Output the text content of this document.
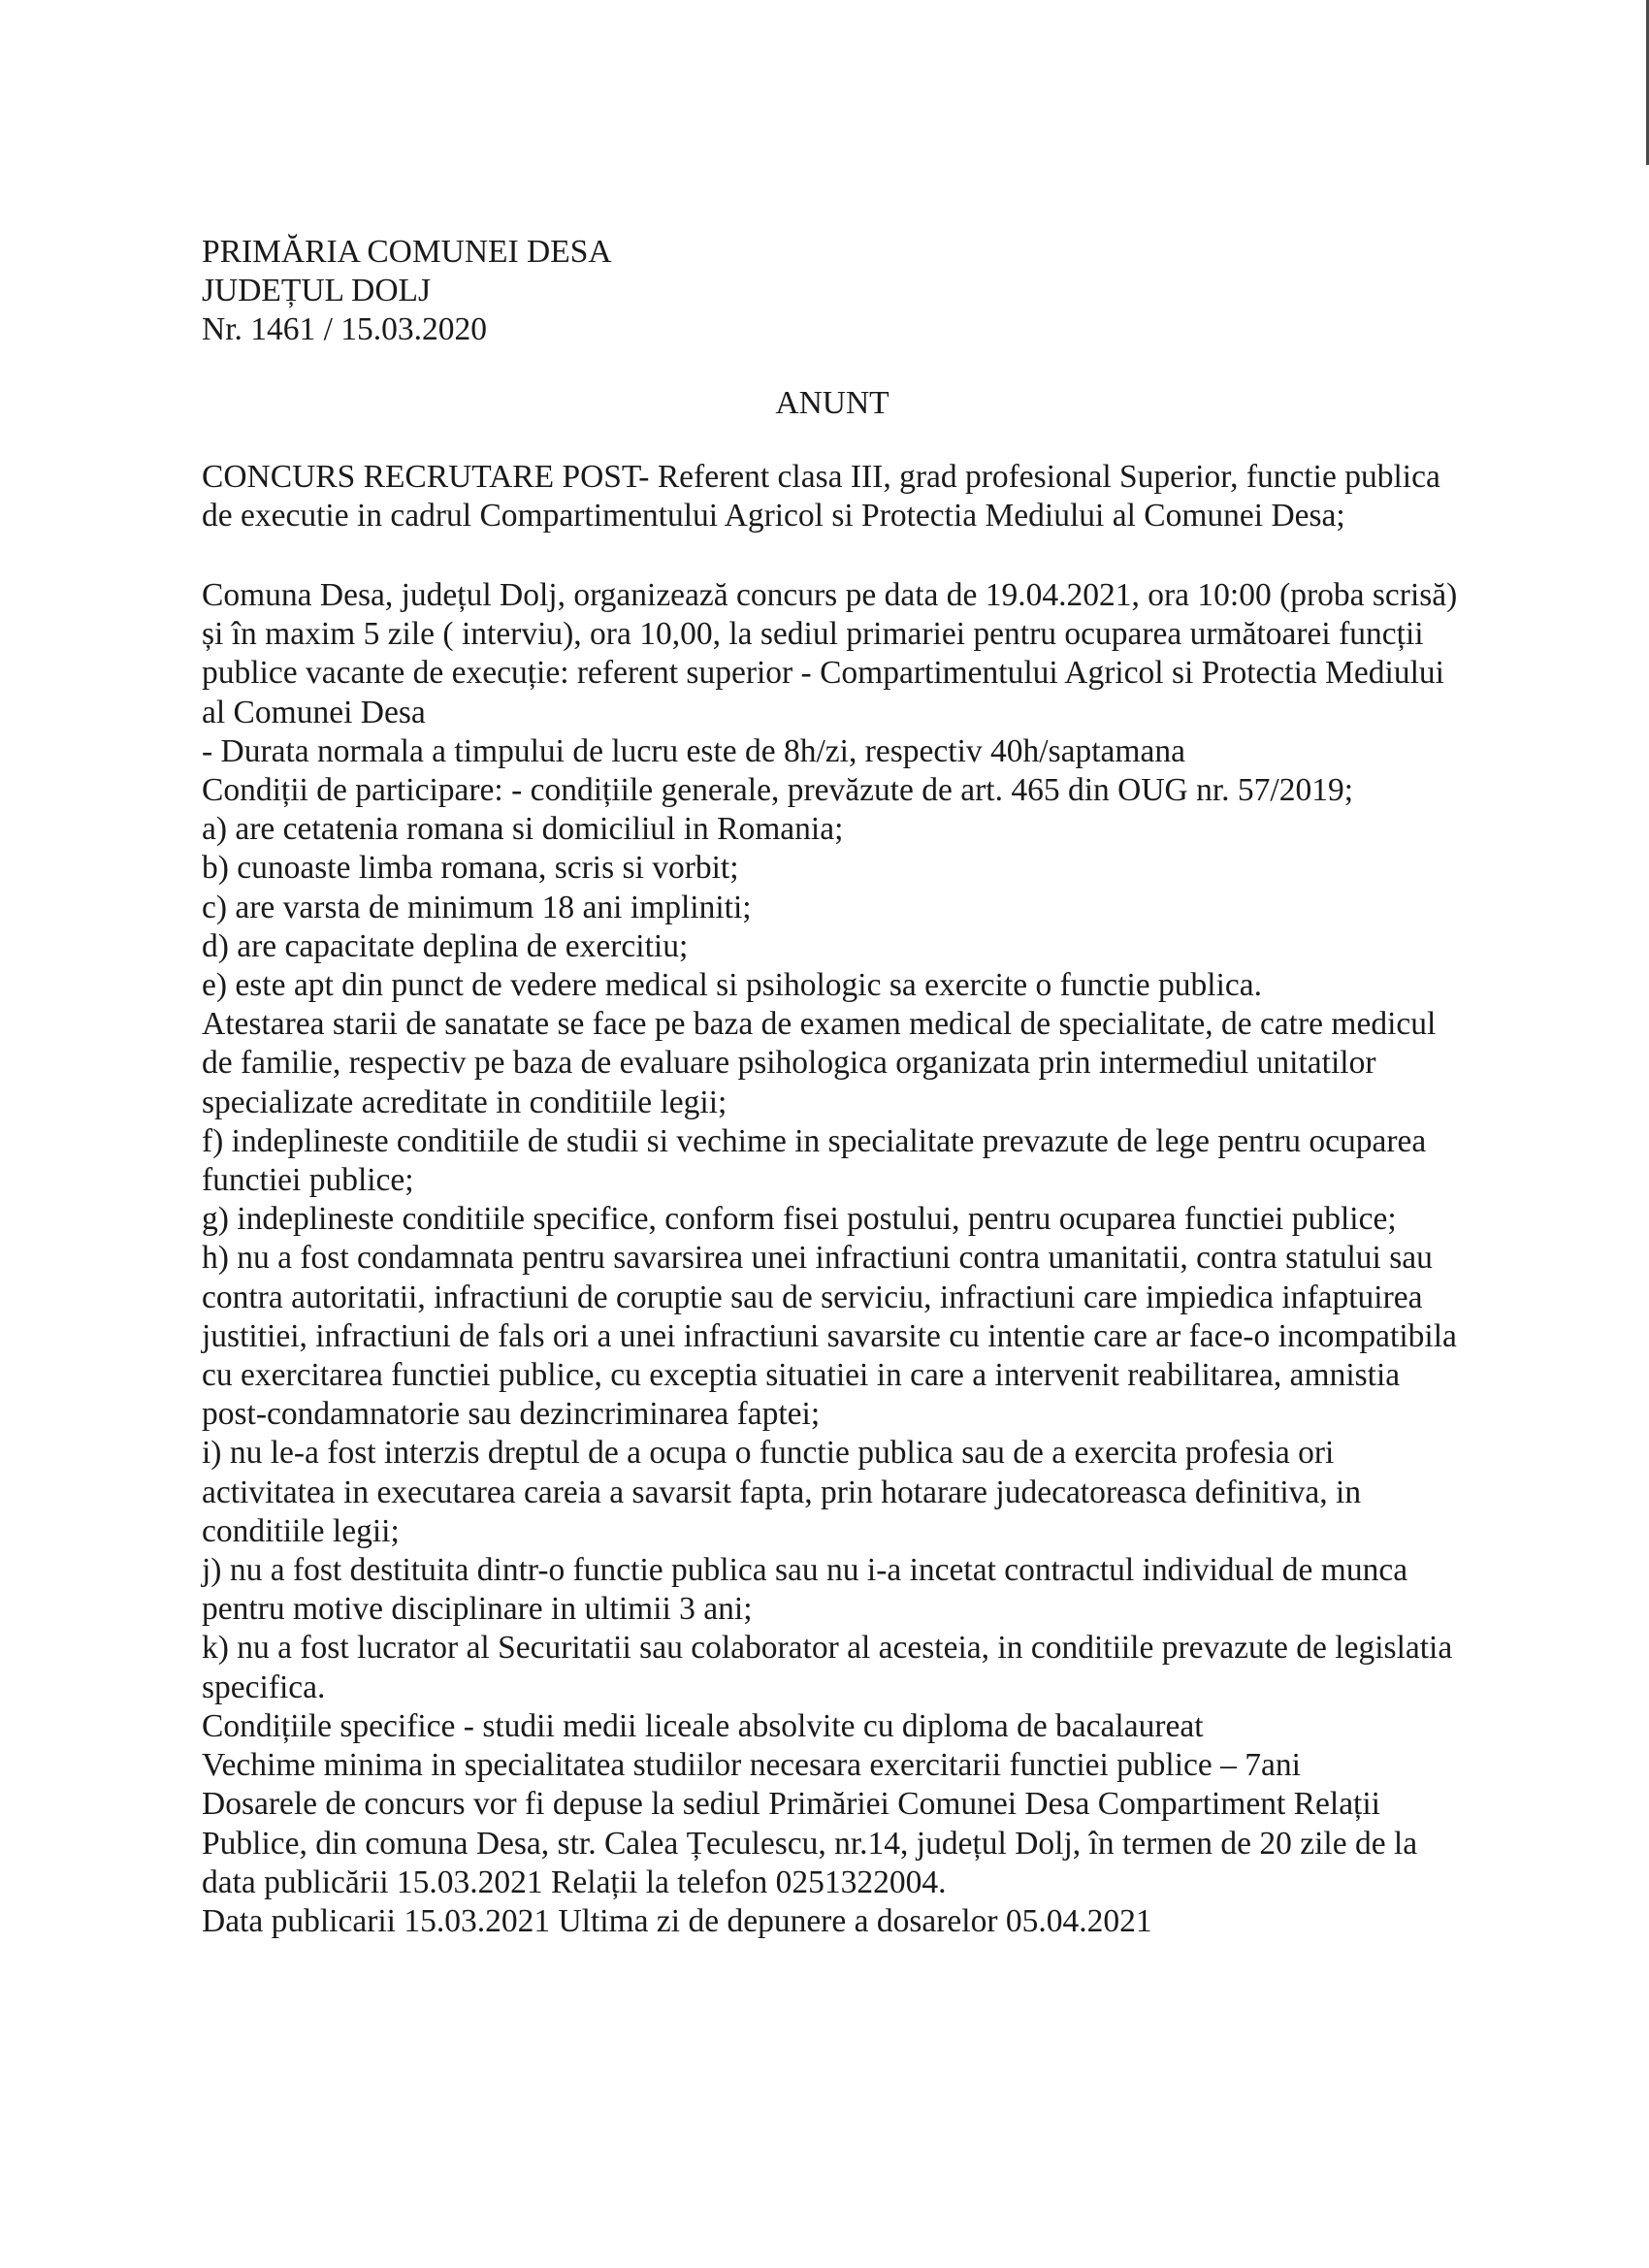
PRIMĂRIA COMUNEI DESA

JUDEȚUL DOLJ

Nr. 1461 / 15.03.2020

ANUNT

CONCURS RECRUTARE POST- Referent clasa III, grad profesional Superior, functie publica de executie in cadrul Compartimentului Agricol si Protectia Mediului al Comunei Desa;

Comuna Desa, județul Dolj, organizează concurs pe data de 19.04.2021, ora 10:00 (proba scrisă) și în maxim 5 zile ( interviu), ora 10,00, la sediul primariei pentru ocuparea următoarei funcții publice vacante de execuție: referent superior - Compartimentului Agricol si Protectia Mediului al Comunei Desa

- Durata normala a timpului de lucru este de 8h/zi, respectiv 40h/saptamana

Condiții de participare: - condițiile generale, prevăzute de art. 465 din OUG nr. 57/2019;

a) are cetatenia romana si domiciliul in Romania;

b) cunoaste limba romana, scris si vorbit;

c) are varsta de minimum 18 ani impliniti;

d) are capacitate deplina de exercitiu;

e) este apt din punct de vedere medical si psihologic sa exercite o functie publica.

Atestarea starii de sanatate se face pe baza de examen medical de specialitate, de catre medicul de familie, respectiv pe baza de evaluare psihologica organizata prin intermediul unitatilor specializate acreditate in conditiile legii;

f) indeplineste conditiile de studii si vechime in specialitate prevazute de lege pentru ocuparea functiei publice;

g) indeplineste conditiile specifice, conform fisei postului, pentru ocuparea functiei publice;

h) nu a fost condamnata pentru savarsirea unei infractiuni contra umanitatii, contra statului sau contra autoritatii, infractiuni de coruptie sau de serviciu, infractiuni care impiedica infaptuirea justitiei, infractiuni de fals ori a unei infractiuni savarsite cu intentie care ar face-o incompatibila cu exercitarea functiei publice, cu exceptia situatiei in care a intervenit reabilitarea, amnistia post-condamnatorie sau dezincriminarea faptei;

i) nu le-a fost interzis dreptul de a ocupa o functie publica sau de a exercita profesia ori activitatea in executarea careia a savarsit fapta, prin hotarare judecatoreasca definitiva, in conditiile legii;

j) nu a fost destituita dintr-o functie publica sau nu i-a incetat contractul individual de munca pentru motive disciplinare in ultimii 3 ani;

k) nu a fost lucrator al Securitatii sau colaborator al acesteia, in conditiile prevazute de legislatia specifica.

Condițiile specifice - studii medii liceale absolvite cu diploma de bacalaureat

Vechime minima in specialitatea studiilor necesara exercitarii functiei publice – 7ani

Dosarele de concurs vor fi depuse la sediul Primăriei Comunei Desa Compartiment Relații Publice, din comuna Desa, str. Calea Țeculescu, nr.14, județul Dolj, în termen de 20 zile de la data publicării 15.03.2021 Relații la telefon 0251322004.

Data publicarii 15.03.2021 Ultima zi de depunere a dosarelor 05.04.2021
